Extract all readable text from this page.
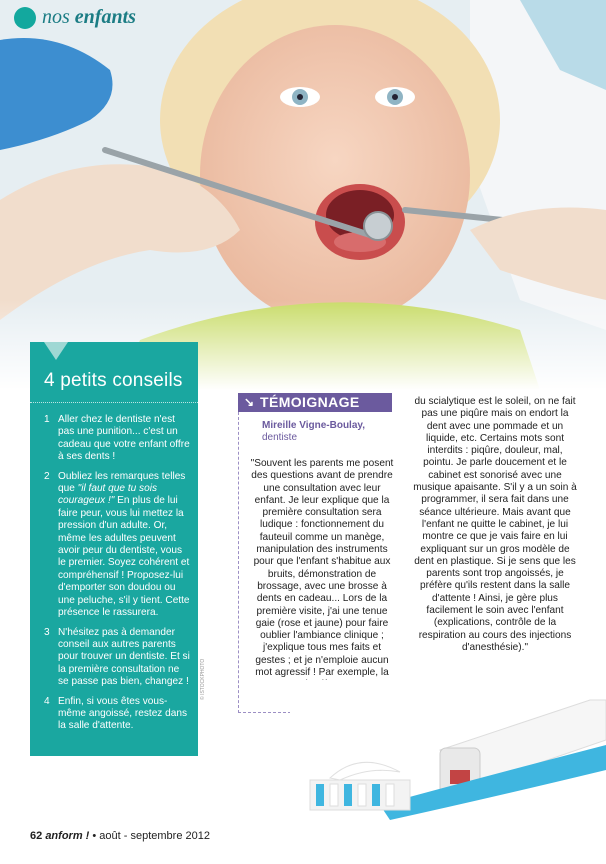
nos enfants
4 petits conseils
1 Aller chez le dentiste n'est pas une punition... c'est un cadeau que votre enfant offre à ses dents !
2 Oubliez les remarques telles que "il faut que tu sois courageux !" En plus de lui faire peur, vous lui mettez la pression d'un adulte. Or, même les adultes peuvent avoir peur du dentiste, vous le premier. Soyez cohérent et compréhensif ! Proposez-lui d'emporter son doudou ou une peluche, s'il y tient. Cette présence le rassurera.
3 N'hésitez pas à demander conseil aux autres parents pour trouver un dentiste. Et si la première consultation ne se passe pas bien, changez !
4 Enfin, si vous êtes vous-même angoissé, restez dans la salle d'attente.
© ISTOCKPHOTO
↘ TÉMOIGNAGE
Mireille Vigne-Boulay,
dentiste
"Souvent les parents me posent des questions avant de prendre une consultation avec leur enfant. Je leur explique que la première consultation sera ludique : fonctionnement du fauteuil comme un manège, manipulation des instruments pour que l'enfant s'habitue aux bruits, démonstration de brossage, avec une brosse à dents en cadeau... Lors de la première visite, j'ai une tenue gaie (rose et jaune) pour faire oublier l'ambiance clinique ; j'explique tous mes faits et gestes ; et je n'emploie aucun mot agressif ! Par exemple, la
du scialytique est le soleil, on ne fait pas une piqûre mais on endort la dent avec une pommade et un liquide, etc. Certains mots sont interdits : piqûre, douleur, mal, pointu. Je parle doucement et le cabinet est sonorisé avec une musique apaisante. S'il y a un soin à programmer, il sera fait dans une séance ultérieure. Mais avant que l'enfant ne quitte le cabinet, je lui montre ce que je vais faire en lui expliquant sur un gros modèle de dent en plastique. Si je sens que les parents sont trop angoissés, je préfère qu'ils restent dans la salle d'attente ! Ainsi, je gère plus facilement le soin avec l'enfant (explications, contrôle de la respiration au cours des injections d'anesthésie)."
62 anform ! • août - septembre 2012
